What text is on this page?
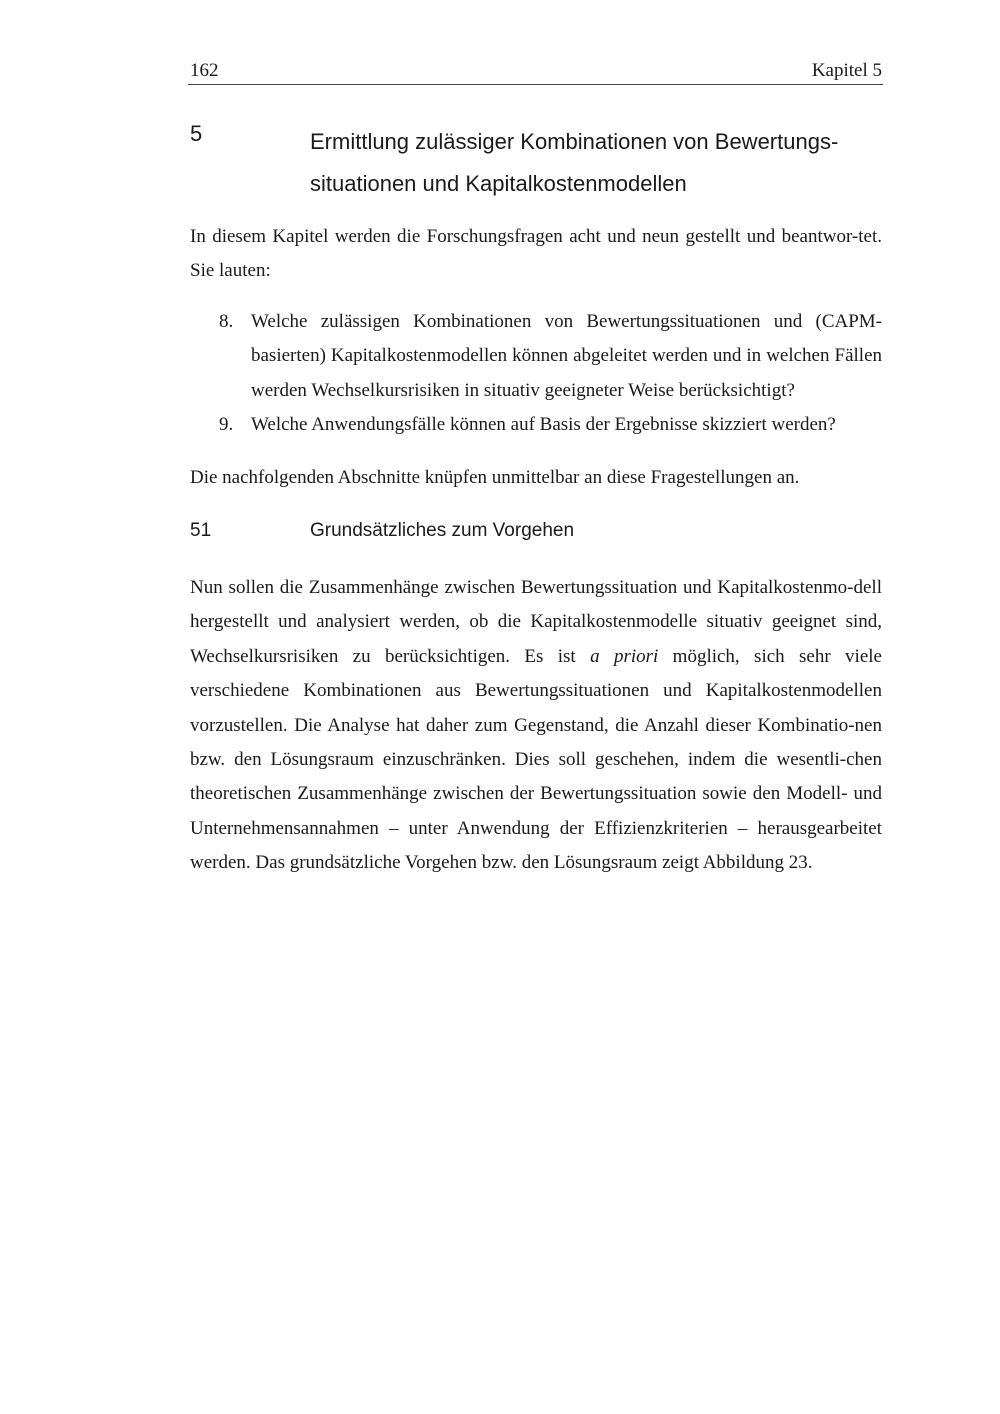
162	Kapitel 5
5	Ermittlung zulässiger Kombinationen von Bewertungs-
situationen und Kapitalkostenmodellen
In diesem Kapitel werden die Forschungsfragen acht und neun gestellt und beantwor-tet. Sie lauten:
8. Welche zulässigen Kombinationen von Bewertungssituationen und (CAPM-basierten) Kapitalkostenmodellen können abgeleitet werden und in welchen Fällen werden Wechselkursrisiken in situativ geeigneter Weise berücksichtigt?
9. Welche Anwendungsfälle können auf Basis der Ergebnisse skizziert werden?
Die nachfolgenden Abschnitte knüpfen unmittelbar an diese Fragestellungen an.
51	Grundsätzliches zum Vorgehen
Nun sollen die Zusammenhänge zwischen Bewertungssituation und Kapitalkostenmo-dell hergestellt und analysiert werden, ob die Kapitalkostenmodelle situativ geeignet sind, Wechselkursrisiken zu berücksichtigen. Es ist a priori möglich, sich sehr viele verschiedene Kombinationen aus Bewertungssituationen und Kapitalkostenmodellen vorzustellen. Die Analyse hat daher zum Gegenstand, die Anzahl dieser Kombinatio-nen bzw. den Lösungsraum einzuschränken. Dies soll geschehen, indem die wesentli-chen theoretischen Zusammenhänge zwischen der Bewertungssituation sowie den Modell- und Unternehmensannahmen – unter Anwendung der Effizienzkriterien – herausgearbeitet werden. Das grundsätzliche Vorgehen bzw. den Lösungsraum zeigt Abbildung 23.
